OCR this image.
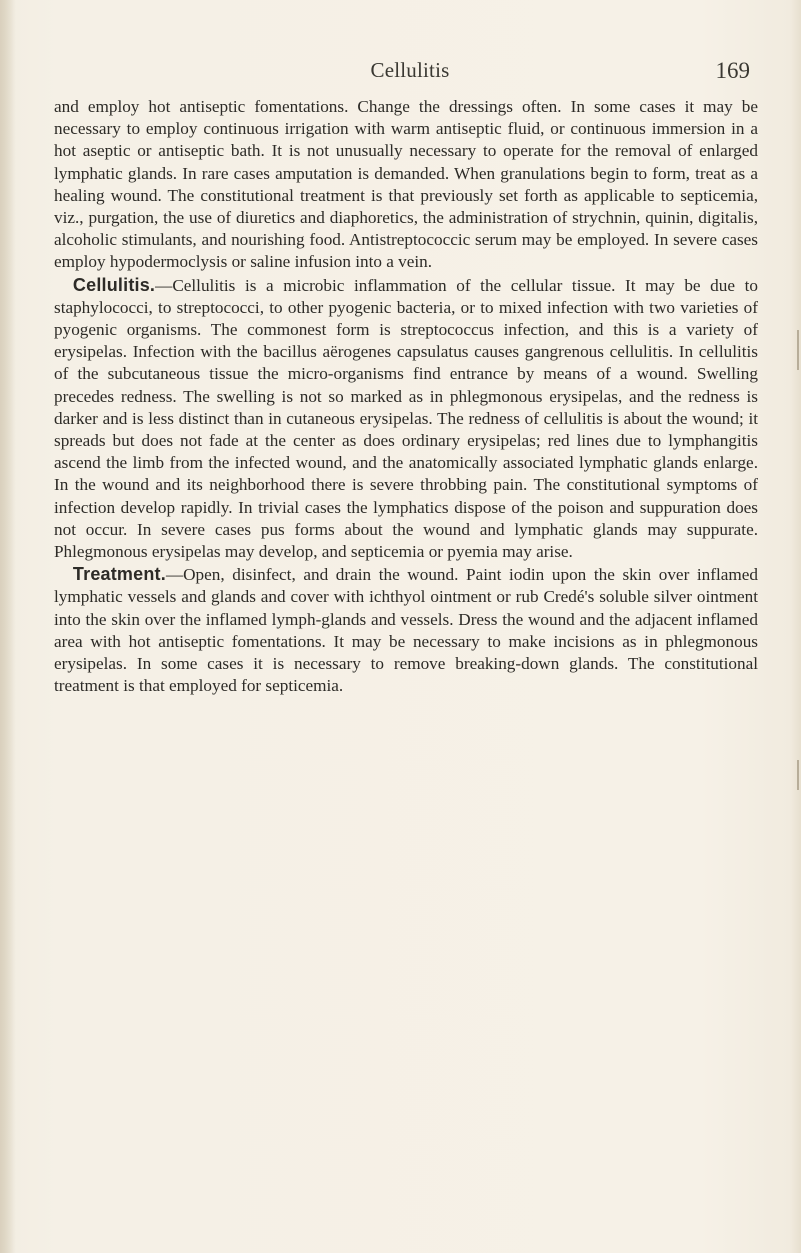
Cellulitis	169

and employ hot antiseptic fomentations. Change the dressings often. In some cases it may be necessary to employ continuous irrigation with warm antiseptic fluid, or continuous immersion in a hot aseptic or antiseptic bath. It is not unusually necessary to operate for the removal of enlarged lymphatic glands. In rare cases amputation is demanded. When granulations begin to form, treat as a healing wound. The constitutional treatment is that previously set forth as applicable to septicemia, viz., purgation, the use of diuretics and diaphoretics, the administration of strychnin, quinin, digitalis, alcoholic stimulants, and nourishing food. Antistreptococcic serum may be employed. In severe cases employ hypodermoclysis or saline infusion into a vein.

Cellulitis.—Cellulitis is a microbic inflammation of the cellular tissue. It may be due to staphylococci, to streptococci, to other pyogenic bacteria, or to mixed infection with two varieties of pyogenic organisms. The commonest form is streptococcus infection, and this is a variety of erysipelas. Infection with the bacillus aërogenes capsulatus causes gangrenous cellulitis. In cellulitis of the subcutaneous tissue the micro-organisms find entrance by means of a wound. Swelling precedes redness. The swelling is not so marked as in phlegmonous erysipelas, and the redness is darker and is less distinct than in cutaneous erysipelas. The redness of cellulitis is about the wound; it spreads but does not fade at the center as does ordinary erysipelas; red lines due to lymphangitis ascend the limb from the infected wound, and the anatomically associated lymphatic glands enlarge. In the wound and its neighborhood there is severe throbbing pain. The constitutional symptoms of infection develop rapidly. In trivial cases the lymphatics dispose of the poison and suppuration does not occur. In severe cases pus forms about the wound and lymphatic glands may suppurate. Phlegmonous erysipelas may develop, and septicemia or pyemia may arise.

Treatment.—Open, disinfect, and drain the wound. Paint iodin upon the skin over inflamed lymphatic vessels and glands and cover with ichthyol ointment or rub Credé's soluble silver ointment into the skin over the inflamed lymph-glands and vessels. Dress the wound and the adjacent inflamed area with hot antiseptic fomentations. It may be necessary to make incisions as in phlegmonous erysipelas. In some cases it is necessary to remove breaking-down glands. The constitutional treatment is that employed for septicemia.
